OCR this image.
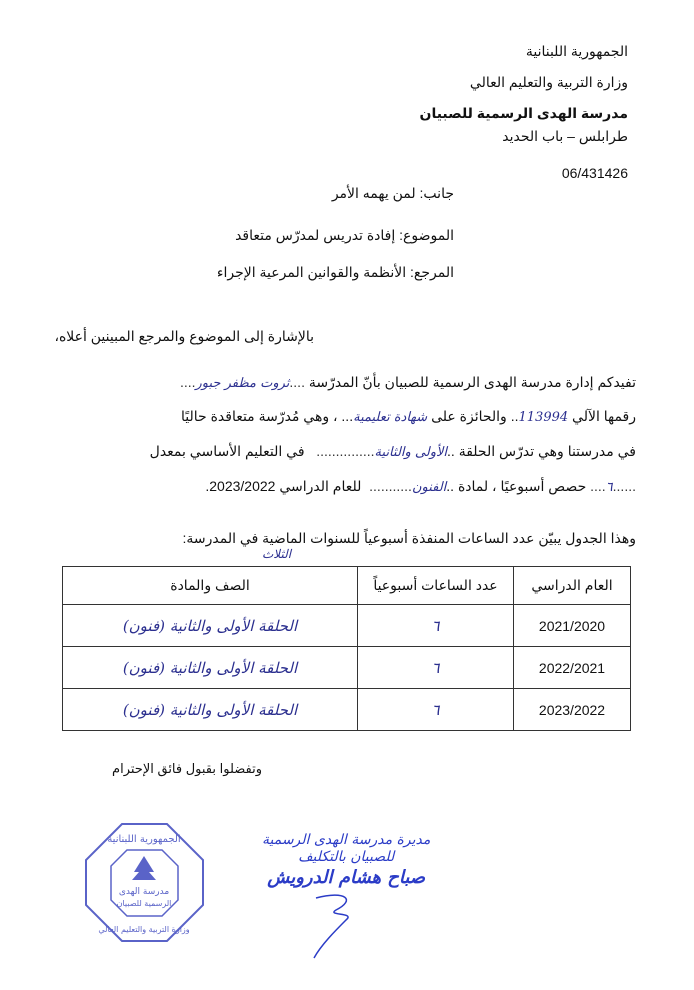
الجمهورية اللبنانية
وزارة التربية والتعليم العالي
مدرسة الهدى الرسمية للصبيان
طرابلس – باب الحديد
06/431426
جانب: لمن يهمه الأمر
الموضوع: إفادة تدريس لمدرّس متعاقد
المرجع: الأنظمة والقوانين المرعية الإجراء
بالإشارة إلى الموضوع والمرجع المبينين أعلاه،
تفيدكم إدارة مدرسة الهدى الرسمية للصبيان بأنّ المدرّسة ....ثروت مظفر جبور....
رقمها الآلي 113994.. والحائزة على شهادة تعليمية... ، وهي مُدرّسة متعاقدة حاليًا
في مدرستنا وهي تدرّس الحلقة ..الأولى والثانية...............   في التعليم الأساسي بمعدل
......٦.... حصص أسبوعيًا ، لمادة ..الفنون...........  للعام الدراسي 2023/2022.
وهذا الجدول يبيّن عدد الساعات المنفذة أسبوعياً للسنوات الماضية في المدرسة:
الثلاث
العام الدراسي	عدد الساعات أسبوعياً	الصف والمادة
2021/2020	٦	الحلقة الأولى والثانية (فنون)
2022/2021	٦	الحلقة الأولى والثانية (فنون)
2023/2022	٦	الحلقة الأولى والثانية (فنون)
وتفضلوا بقبول فائق الإحترام
الجمهورية اللبنانية
مدرسة الهدى
الرسمية للصبيان
وزارة التربية والتعليم العالي
مديرة مدرسة الهدى الرسمية
للصبيان بالتكليف
صباح هشام الدرويش
